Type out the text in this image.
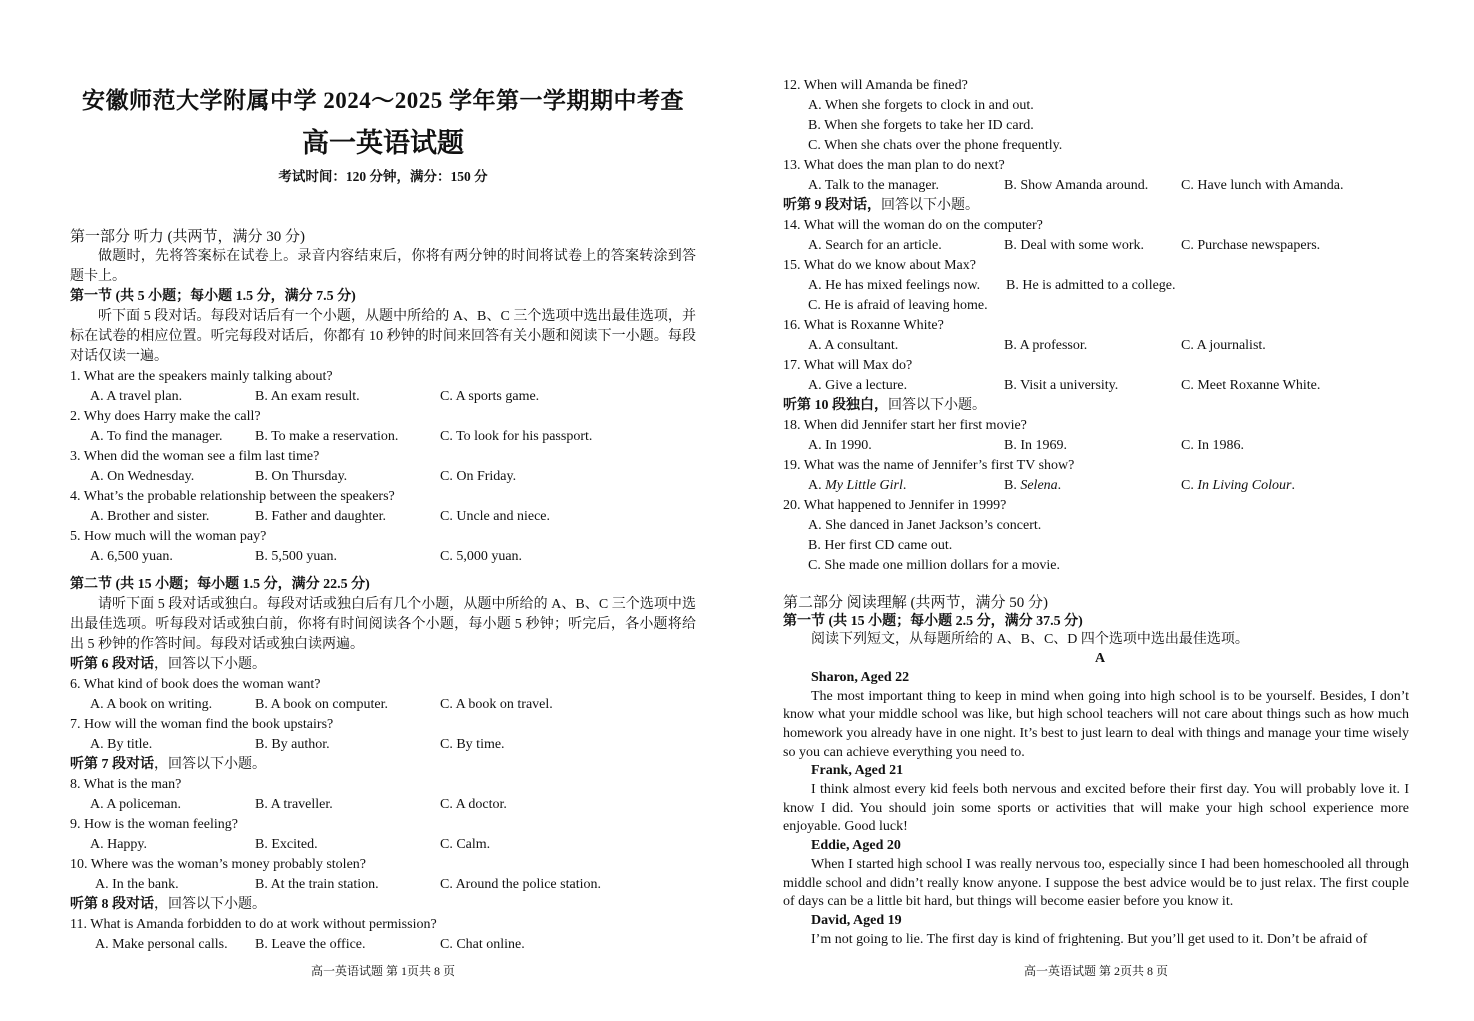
安徽师范大学附属中学 2024～2025 学年第一学期期中考查
高一英语试题
考试时间：120 分钟，满分：150 分

第一部分 听力 (共两节，满分 30 分)

做题时，先将答案标在试卷上。录音内容结束后，你将有两分钟的时间将试卷上的答案转涂到答题卡上。

第一节 (共 5 小题；每小题 1.5 分，满分 7.5 分)

听下面 5 段对话。每段对话后有一个小题，从题中所给的 A、B、C 三个选项中选出最佳选项，并标在试卷的相应位置。听完每段对话后，你都有 10 秒钟的时间来回答有关小题和阅读下一小题。每段对话仅读一遍。

1. What are the speakers mainly talking about?

A. A travel plan.	B. An exam result.	C. A sports game.

2. Why does Harry make the call?

A. To find the manager.	B. To make a reservation.	C. To look for his passport.

3. When did the woman see a film last time?

A. On Wednesday.	B. On Thursday.	C. On Friday.

4. What’s the probable relationship between the speakers?

A. Brother and sister.	B. Father and daughter.	C. Uncle and niece.

5. How much will the woman pay?

A. 6,500 yuan.	B. 5,500 yuan.	C. 5,000 yuan.

第二节 (共 15 小题；每小题 1.5 分，满分 22.5 分)

请听下面 5 段对话或独白。每段对话或独白后有几个小题，从题中所给的 A、B、C 三个选项中选出最佳选项。听每段对话或独白前，你将有时间阅读各个小题，每小题 5 秒钟；听完后，各小题将给出 5 秒钟的作答时间。每段对话或独白读两遍。

听第 6 段对话，回答以下小题。

6. What kind of book does the woman want?

A. A book on writing.	B. A book on computer.	C. A book on travel.

7. How will the woman find the book upstairs?

A. By title.	B. By author.	C. By time.

听第 7 段对话，回答以下小题。

8. What is the man?

A. A policeman.	B. A traveller.	C. A doctor.

9. How is the woman feeling?

A. Happy.	B. Excited.	C. Calm.

10. Where was the woman’s money probably stolen?

A. In the bank.	B. At the train station.	C. Around the police station.

听第 8 段对话，回答以下小题。

11. What is Amanda forbidden to do at work without permission?

A. Make personal calls.	B. Leave the office.	C. Chat online.
高一英语试题 第 1页共 8 页

12. When will Amanda be fined?

A. When she forgets to clock in and out.

B. When she forgets to take her ID card.

C. When she chats over the phone frequently.

13. What does the man plan to do next?

A. Talk to the manager.	B. Show Amanda around.	C. Have lunch with Amanda.

听第 9 段对话，回答以下小题。

14. What will the woman do on the computer?

A. Search for an article.	B. Deal with some work.	C. Purchase newspapers.

15. What do we know about Max?

A. He has mixed feelings now.	B. He is admitted to a college.

C. He is afraid of leaving home.

16. What is Roxanne White?

A. A consultant.	B. A professor.	C. A journalist.

17. What will Max do?

A. Give a lecture.	B. Visit a university.	C. Meet Roxanne White.

听第 10 段独白，回答以下小题。

18. When did Jennifer start her first movie?

A. In 1990.	B. In 1969.	C. In 1986.

19. What was the name of Jennifer’s first TV show?

A. My Little Girl.	B. Selena.	C. In Living Colour.

20. What happened to Jennifer in 1999?

A. She danced in Janet Jackson’s concert.

B. Her first CD came out.

C. She made one million dollars for a movie.

第二部分 阅读理解 (共两节，满分 50 分)

第一节 (共 15 小题；每小题 2.5 分，满分 37.5 分)

阅读下列短文，从每题所给的 A、B、C、D 四个选项中选出最佳选项。

A

Sharon, Aged 22

The most important thing to keep in mind when going into high school is to be yourself. Besides, I don’t know what your middle school was like, but high school teachers will not care about things such as how much homework you already have in one night. It’s best to just learn to deal with things and manage your time wisely so you can achieve everything you need to.

Frank, Aged 21

I think almost every kid feels both nervous and excited before their first day. You will probably love it. I know I did. You should join some sports or activities that will make your high school experience more enjoyable. Good luck!

Eddie, Aged 20

When I started high school I was really nervous too, especially since I had been homeschooled all through middle school and didn’t really know anyone. I suppose the best advice would be to just relax. The first couple of days can be a little bit hard, but things will become easier before you know it.

David, Aged 19

I’m not going to lie. The first day is kind of frightening. But you’ll get used to it. Don’t be afraid of

高一英语试题 第 2页共 8 页
